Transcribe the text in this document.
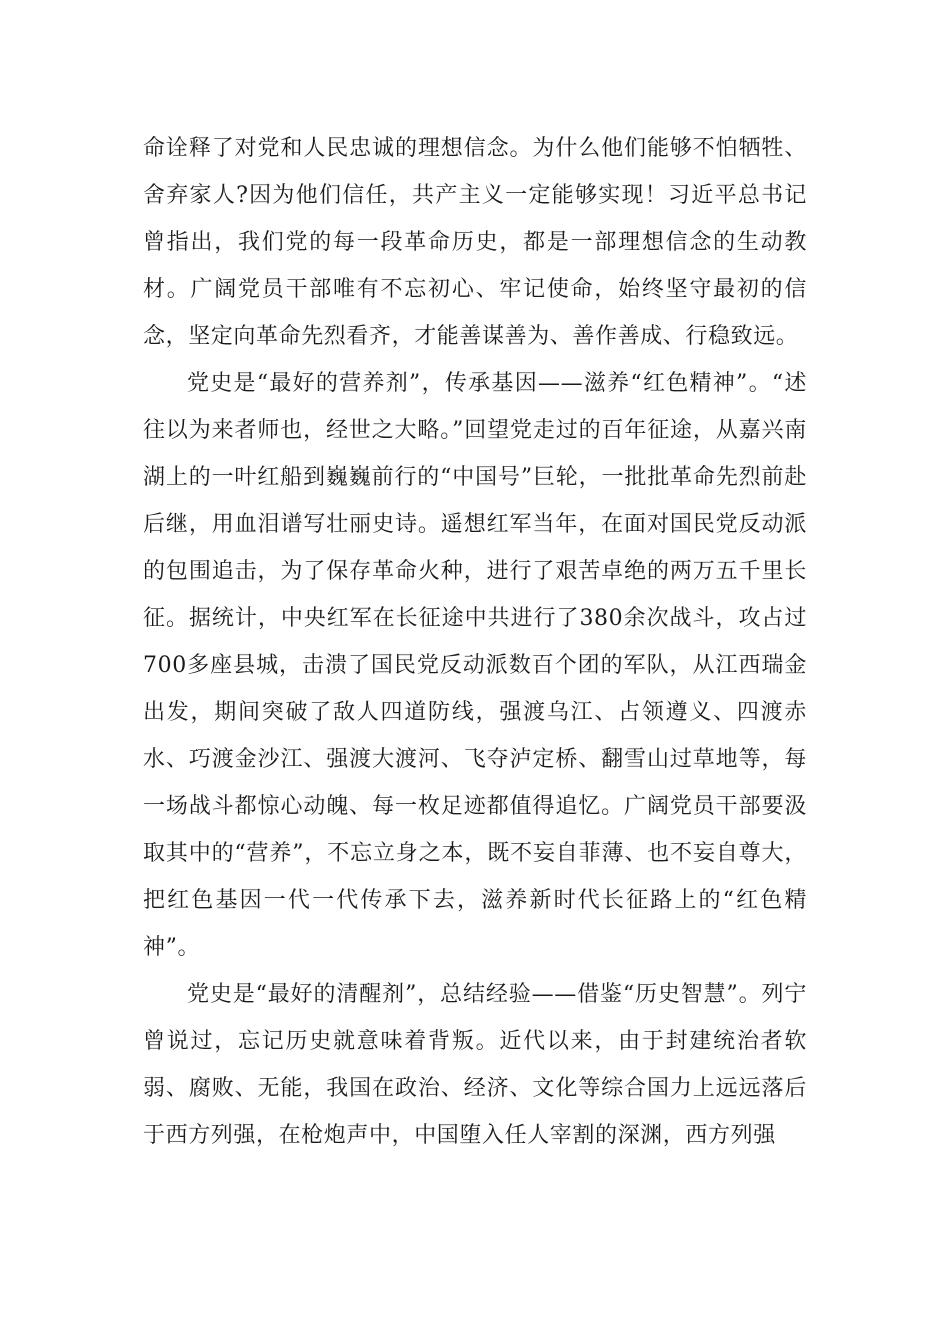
命诠释了对党和人民忠诚的理想信念。为什么他们能够不怕牺牲、舍弃家人?因为他们信任，共产主义一定能够实现！习近平总书记曾指出，我们党的每一段革命历史，都是一部理想信念的生动教材。广阔党员干部唯有不忘初心、牢记使命，始终坚守最初的信念，坚定向革命先烈看齐，才能善谋善为、善作善成、行稳致远。

党史是“最好的营养剂”，传承基因——滋养“红色精神”。“述往以为来者师也，经世之大略。”回望党走过的百年征途，从嘉兴南湖上的一叶红船到巍巍前行的“中国号”巨轮，一批批革命先烈前赴后继，用血泪谱写壮丽史诗。遥想红军当年，在面对国民党反动派的包围追击，为了保存革命火种，进行了艰苦卓绝的两万五千里长征。据统计，中央红军在长征途中共进行了380余次战斗，攻占过700多座县城，击溃了国民党反动派数百个团的军队，从江西瑞金出发，期间突破了敌人四道防线，强渡乌江、占领遵义、四渡赤水、巧渡金沙江、强渡大渡河、飞夺泸定桥、翻雪山过草地等，每一场战斗都惊心动魄、每一枚足迹都值得追忆。广阔党员干部要汲取其中的“营养”，不忘立身之本，既不妄自菲薄、也不妄自尊大，把红色基因一代一代传承下去，滋养新时代长征路上的“红色精神”。

党史是“最好的清醒剂”，总结经验——借鉴“历史智慧”。列宁曾说过，忘记历史就意味着背叛。近代以来，由于封建统治者软弱、腐败、无能，我国在政治、经济、文化等综合国力上远远落后于西方列强，在枪炮声中，中国堕入任人宰割的深渊，西方列强
